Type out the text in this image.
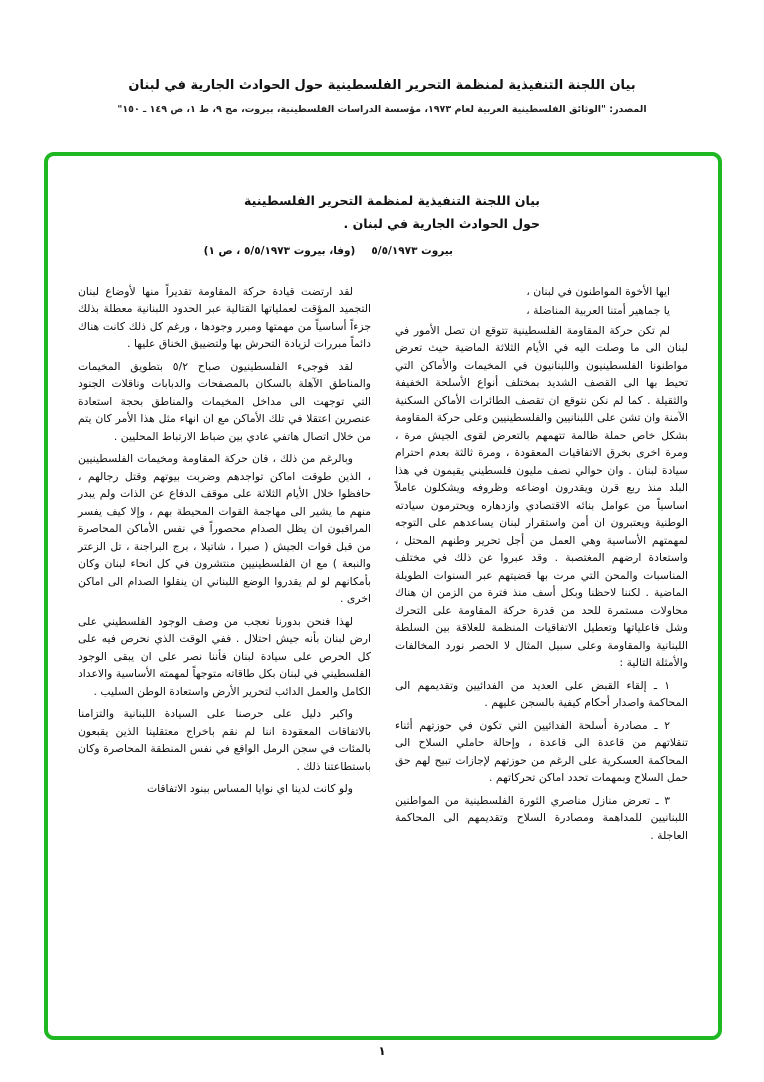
بيان اللجنة التنفيذية لمنظمة التحرير الفلسطينية حول الحوادث الجارية في لبنان
المصدر: "الوثائق الفلسطينية العربية لعام ١٩٧٣، مؤسسة الدراسات الفلسطينية، بيروت، مج ٩، ط ١، ص ١٤٩ ـ ١٥٠"
بيان اللجنة التنفيذية لمنظمة التحرير الفلسطينية حول الحوادث الجارية في لبنان .
بيروت ٥/٥/١٩٧٣(وفا، بيروت ٥/٥/١٩٧٣ ، ص ١)

ايها الأخوة المواطنون في لبنان ،

يا جماهير أمتنا العربية المناضلة ،

لم تكن حركة المقاومة الفلسطينية تتوقع ان تصل الأمور في لبنان الى ما وصلت اليه في الأيام الثلاثة الماضية حيث تعرض مواطنونا الفلسطينيون واللبنانيون في المخيمات والأماكن التي تحيط بها الى القصف الشديد بمختلف أنواع الأسلحة الخفيفة والثقيلة . كما لم نكن نتوقع ان تقصف الطائرات الأماكن السكنية الآمنة وان تشن على اللبنانيين والفلسطينيين وعلى حركة المقاومة بشكل خاص حملة ظالمة تتهمهم بالتعرض لقوى الجيش مرة ، ومرة اخرى بخرق الاتفاقيات المعقودة ، ومرة ثالثة بعدم احترام سيادة لبنان . وان حوالي نصف مليون فلسطيني يقيمون في هذا البلد منذ ربع قرن ويقدرون اوضاعه وظروفه ويشكلون عاملاً اساسياً من عوامل بنائه الاقتصادي وازدهاره ويحترمون سيادته الوطنية ويعتبرون ان أمن واستقرار لبنان يساعدهم على التوجه لمهمتهم الأساسية وهي العمل من أجل تحرير وطنهم المحتل ، واستعادة ارضهم المغتصبة . وقد عبروا عن ذلك في مختلف المناسبات والمحن التي مرت بها قضيتهم عبر السنوات الطويلة الماضية . لكننا لاحظنا وبكل أسف منذ فترة من الزمن ان هناك محاولات مستمرة للحد من قدرة حركة المقاومة على التحرك وشل فاعلياتها وتعطيل الاتفاقيات المنظمة للعلاقة بين السلطة اللبنانية والمقاومة وعلى سبيل المثال لا الحصر نورد المخالفات والأمثلة التالية :

١ ـ إلقاء القبض على العديد من الفدائيين وتقديمهم الى المحاكمة واصدار أحكام كيفية بالسجن عليهم .

٢ ـ مصادرة أسلحة الفدائيين التي تكون في حوزتهم أثناء تنقلاتهم من قاعدة الى قاعدة ، وإحالة حاملي السلاح الى المحاكمة العسكرية على الرغم من حوزتهم لإجازات تبيح لهم حق حمل السلاح وبمهمات تحدد اماكن تحركاتهم .

٣ ـ تعرض منازل مناصري الثورة الفلسطينية من المواطنين اللبنانيين للمداهمة ومصادرة السلاح وتقديمهم الى المحاكمة العاجلة .

لقد ارتضت قيادة حركة المقاومة تقديراً منها لأوضاع لبنان التجميد المؤقت لعملياتها القتالية عبر الحدود اللبنانية معطلة بذلك جزءاً أساسياً من مهمتها ومبرر وجودها ، ورغم كل ذلك كانت هناك دائماً مبررات لزيادة التحرش بها ولتضييق الخناق عليها .

لقد فوجىء الفلسطينيون صباح ٥/٢ بتطويق المخيمات والمناطق الآهلة بالسكان بالمصفحات والدبابات وناقلات الجنود التي توجهت الى مداخل المخيمات والمناطق بحجة استعادة عنصرين اعتقلا في تلك الأماكن مع ان انهاء مثل هذا الأمر كان يتم من خلال اتصال هاتفي عادي بين ضباط الارتباط المحليين .

وبالرغم من ذلك ، فان حركة المقاومة ومخيمات الفلسطينيين ، الذين طوقت اماكن تواجدهم وضربت بيوتهم وقتل رجالهم ، حافظوا خلال الأيام الثلاثة على موقف الدفاع عن الذات ولم يبدر منهم ما يشير الى مهاجمة القوات المحيطة بهم ، وإلا كيف يفسر المراقبون ان يظل الصدام محصوراً في نفس الأماكن المحاصرة من قبل قوات الجيش ( صبرا ، شاتيلا ، برج البراجنة ، تل الزعتر والنبعة ) مع ان الفلسطينيين منتشرون في كل انحاء لبنان وكان بأمكانهم لو لم يقدروا الوضع اللبناني ان ينقلوا الصدام الى اماكن اخرى .

لهذا فنحن بدورنا نعجب من وصف الوجود الفلسطيني على ارض لبنان بأنه جيش احتلال . ففي الوقت الذي نحرص فيه على كل الحرص على سيادة لبنان فأننا نصر على ان يبقى الوجود الفلسطيني في لبنان بكل طاقاته متوجهاً لمهمته الأساسية والاعداد الكامل والعمل الدائب لتحرير الأرض واستعادة الوطن السليب .

واكبر دليل على حرصنا على السيادة اللبنانية والتزامنا بالاتفاقات المعقودة اننا لم نقم باخراج معتقلينا الذين يقبعون بالمئات في سجن الرمل الواقع في نفس المنطقة المحاصرة وكان باستطاعتنا ذلك .

ولو كانت لدينا اي نوايا المساس ببنود الاتفاقات

١
